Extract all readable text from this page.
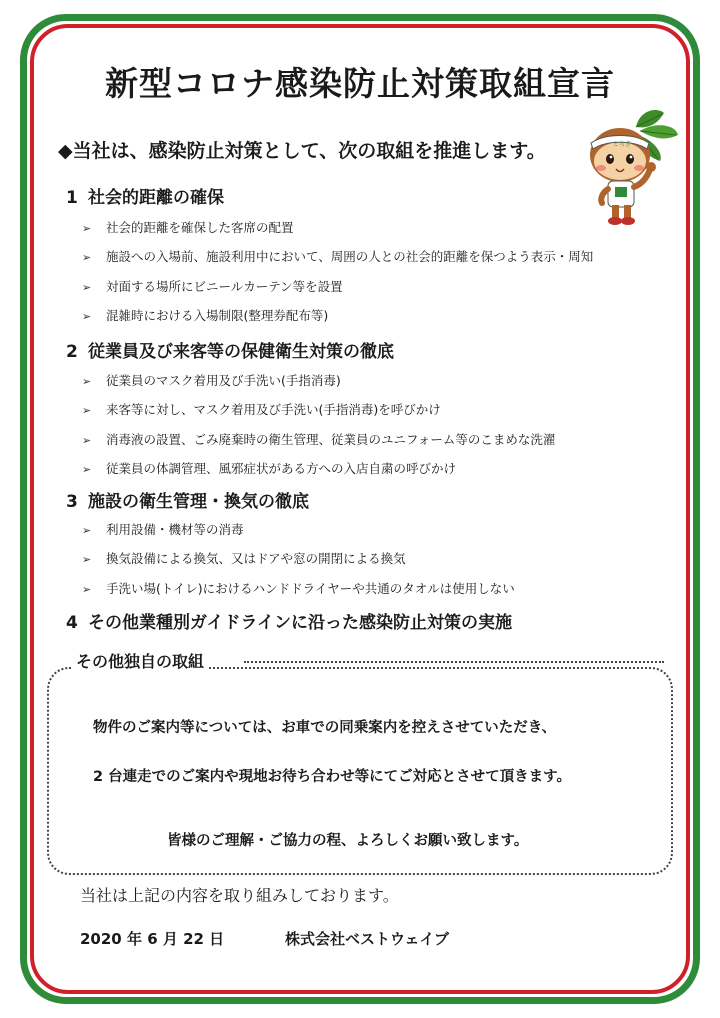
新型コロナ感染防止対策取組宣言

◆当社は、感染防止対策として、次の取組を推進します。

1 社会的距離の確保

➢ 社会的距離を確保した客席の配置
➢ 施設への入場前、施設利用中において、周囲の人との社会的距離を保つよう表示・周知
➢ 対面する場所にビニールカーテン等を設置
➢ 混雑時における入場制限(整理券配布等)

2 従業員及び来客等の保健衛生対策の徹底

➢ 従業員のマスク着用及び手洗い(手指消毒)
➢ 来客等に対し、マスク着用及び手洗い(手指消毒)を呼びかけ
➢ 消毒液の設置、ごみ廃棄時の衛生管理、従業員のユニフォーム等のこまめな洗濯
➢ 従業員の体調管理、風邪症状がある方への入店自粛の呼びかけ

3 施設の衛生管理・換気の徹底

➢ 利用設備・機材等の消毒
➢ 換気設備による換気、又はドアや窓の開閉による換気
➢ 手洗い場(トイレ)におけるハンドドライヤーや共通のタオルは使用しない

4 その他業種別ガイドラインに沿った感染防止対策の実施

その他独自の取組

物件のご案内等については、お車での同乗案内を控えさせていただき、

2 台連走でのご案内や現地お待ち合わせ等にてご対応とさせて頂きます。

皆様のご理解・ご協力の程、よろしくお願い致します。

当社は上記の内容を取り組みしております。

2020 年 6 月 22 日	株式会社ベストウェイブ

とちぎ
